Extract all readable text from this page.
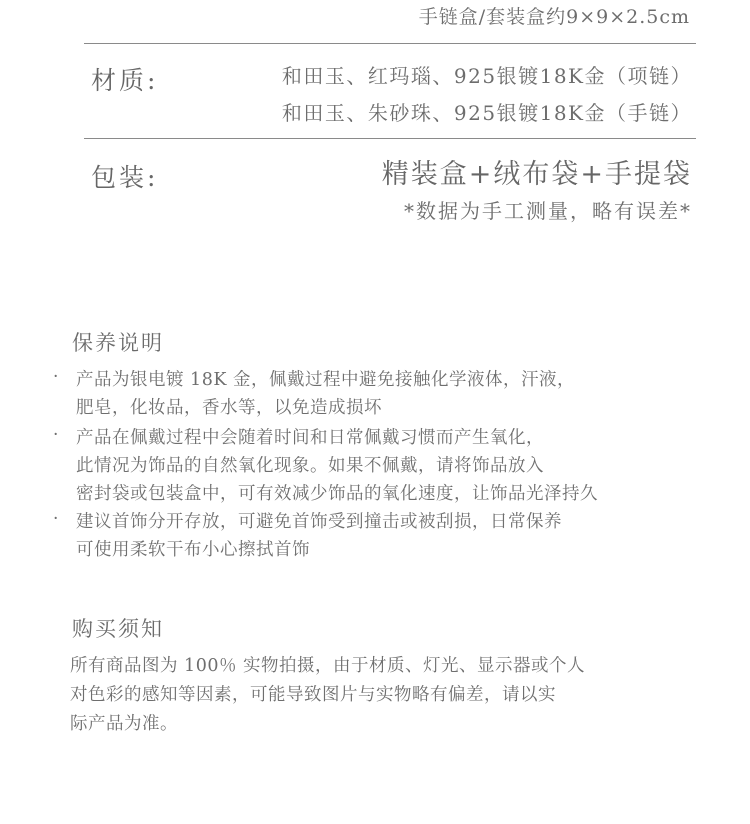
手链盒/套装盒约9×9×2.5cm
材质:	和田玉、红玛瑙、925银镀18K金（项链）
和田玉、朱砂珠、925银镀18K金（手链）
包装:	精装盒+绒布袋+手提袋
*数据为手工测量，略有误差*
保养说明
· 产品为银电镀 18K 金，佩戴过程中避免接触化学液体，汗液，
肥皂，化妆品，香水等，以免造成损坏
· 产品在佩戴过程中会随着时间和日常佩戴习惯而产生氧化，
此情况为饰品的自然氧化现象。如果不佩戴，请将饰品放入
密封袋或包装盒中，可有效减少饰品的氧化速度，让饰品光泽持久
· 建议首饰分开存放，可避免首饰受到撞击或被刮损，日常保养
可使用柔软干布小心擦拭首饰
购买须知
所有商品图为 100％ 实物拍摄，由于材质、灯光、显示器或个人
对色彩的感知等因素，可能导致图片与实物略有偏差，请以实
际产品为准。
